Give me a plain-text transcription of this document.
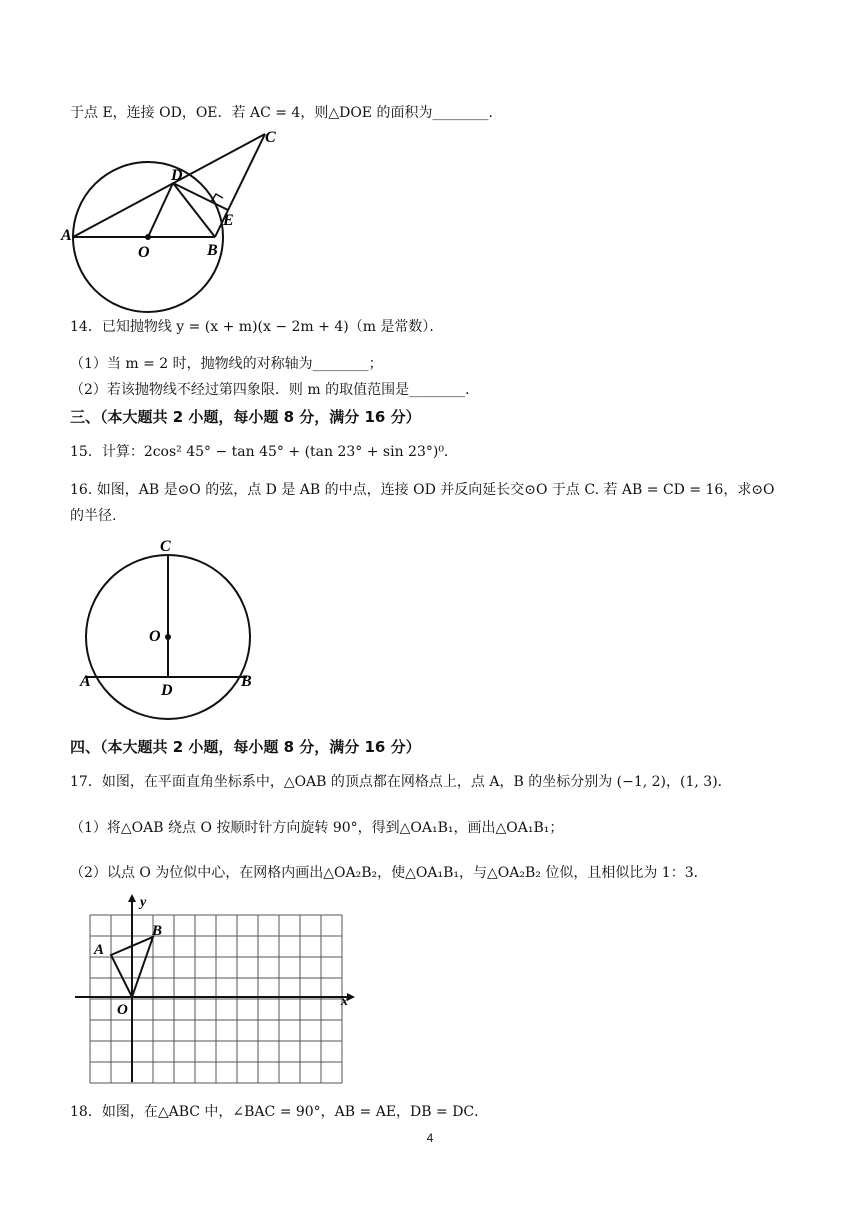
于点 E，连接 OD，OE．若 AC = 4，则△DOE 的面积为________．
A
B
C
D
E
O
14．已知抛物线 y = (x + m)(x − 2m + 4)（m 是常数）．
（1）当 m = 2 时，抛物线的对称轴为________；
（2）若该抛物线不经过第四象限．则 m 的取值范围是________．
三、（本大题共 2 小题，每小题 8 分，满分 16 分）
15．计算：2cos² 45° − tan 45° + (tan 23° + sin 23°)⁰．
16. 如图，AB 是⊙O 的弦，点 D 是 AB 的中点，连接 OD 并反向延长交⊙O 于点 C. 若 AB = CD = 16，求⊙O
的半径.
C
O
A
D
B
四、（本大题共 2 小题，每小题 8 分，满分 16 分）
17．如图，在平面直角坐标系中，△OAB 的顶点都在网格点上，点 A，B 的坐标分别为 (−1, 2)，(1, 3)．
（1）将△OAB 绕点 O 按顺时针方向旋转 90°，得到△OA₁B₁，画出△OA₁B₁；
（2）以点 O 为位似中心，在网格内画出△OA₂B₂，使△OA₁B₁，与△OA₂B₂ 位似，且相似比为 1：3．
y
x
A
B
O
18．如图，在△ABC 中，∠BAC = 90°，AB = AE，DB = DC．
4
